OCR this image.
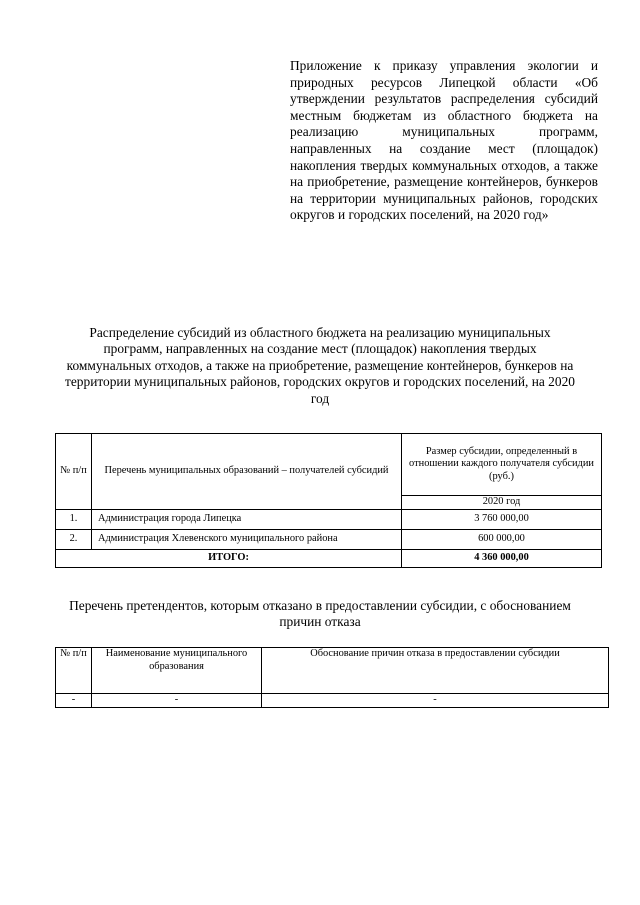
Приложение к приказу управления экологии и природных ресурсов Липецкой области «Об утверждении результатов распределения субсидий местным бюджетам из областного бюджета на реализацию муниципальных программ, направленных на создание мест (площадок) накопления твердых коммунальных отходов, а также на приобретение, размещение контейнеров, бункеров на территории муниципальных районов, городских округов и городских поселений, на 2020 год»
Распределение субсидий из областного бюджета на реализацию муниципальных программ, направленных на создание мест (площадок) накопления твердых коммунальных отходов, а также на приобретение, размещение контейнеров, бункеров на территории муниципальных районов, городских округов и городских поселений, на 2020 год
№ п/п	Перечень муниципальных образований – получателей субсидий	Размер субсидии, определенный в отношении каждого получателя субсидии (руб.)
		2020 год
1.	Администрация города Липецка	3 760 000,00
2.	Администрация Хлевенского муниципального района	600 000,00
ИТОГО:		4 360 000,00
Перечень претендентов, которым отказано в предоставлении субсидии, с обоснованием причин отказа
№ п/п	Наименование муниципального образования	Обоснование причин отказа в предоставлении субсидии
-	-	-
